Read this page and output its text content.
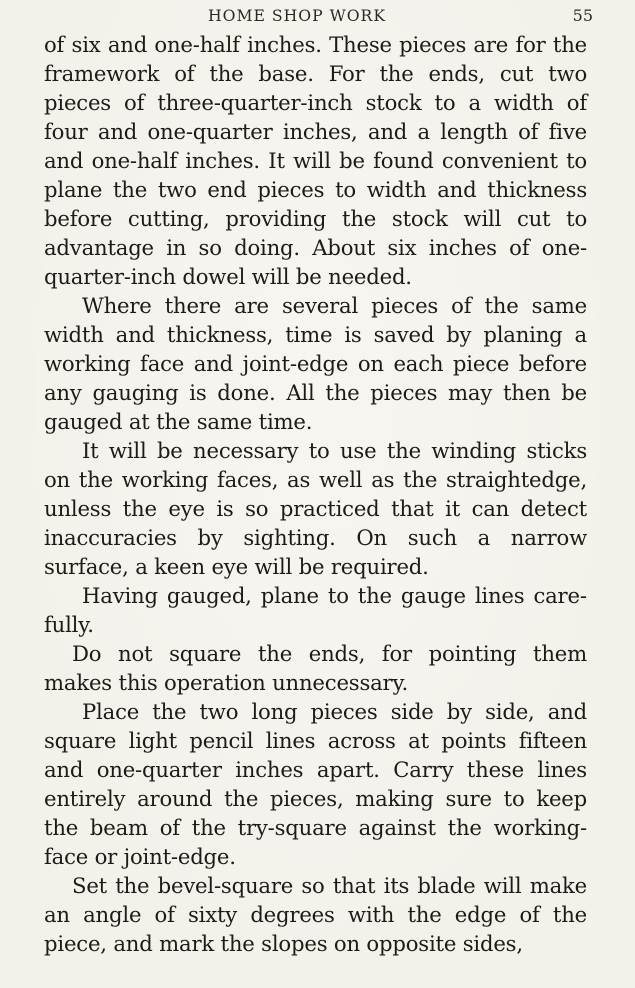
HOME SHOP WORK	55

of six and one-half inches. These pieces are for the framework of the base. For the ends, cut two pieces of three-quarter-inch stock to a width of four and one-quarter inches, and a length of five and one-half inches. It will be found convenient to plane the two end pieces to width and thickness before cutting, providing the stock will cut to advantage in so doing. About six inches of one-quarter-inch dowel will be needed.

Where there are several pieces of the same width and thickness, time is saved by planing a working face and joint-edge on each piece before any gauging is done. All the pieces may then be gauged at the same time.

It will be necessary to use the winding sticks on the working faces, as well as the straightedge, unless the eye is so practiced that it can detect inaccuracies by sighting. On such a narrow surface, a keen eye will be required.

Having gauged, plane to the gauge lines carefully.

Do not square the ends, for pointing them makes this operation unnecessary.

Place the two long pieces side by side, and square light pencil lines across at points fifteen and one-quarter inches apart. Carry these lines entirely around the pieces, making sure to keep the beam of the try-square against the working-face or joint-edge.

Set the bevel-square so that its blade will make an angle of sixty degrees with the edge of the piece, and mark the slopes on opposite sides,
